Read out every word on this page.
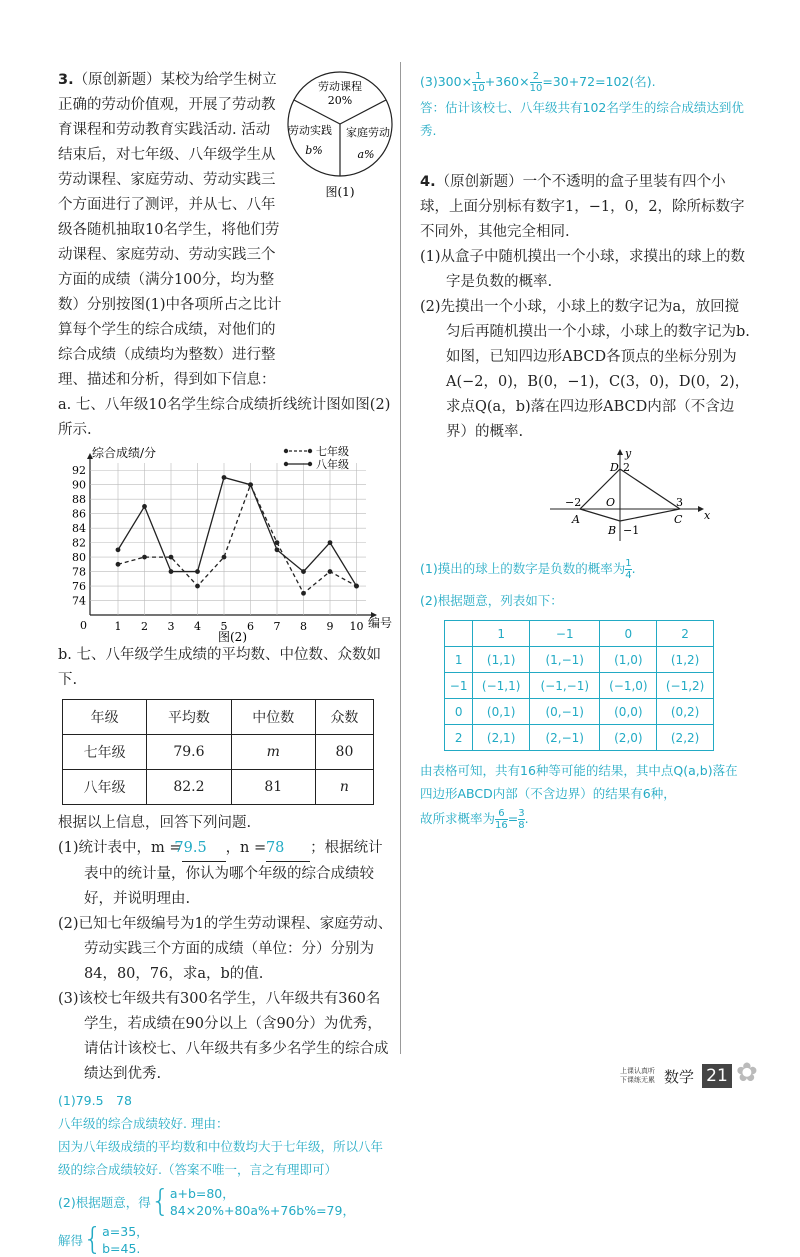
3.（原创新题）某校为给学生树立正确的劳动价值观，开展了劳动教育课程和劳动教育实践活动. 活动结束后，对七年级、八年级学生从劳动课程、家庭劳动、劳动实践三个方面进行了测评，并从七、八年级各随机抽取10名学生，将他们劳动课程、家庭劳动、劳动实践三个方面的成绩（满分100分，均为整数）分别按图(1)中各项所占之比计算每个学生的综合成绩，对他们的综合成绩（成绩均为整数）进行整理、描述和分析，得到如下信息：

劳动课程
20%
劳动实践
b%
家庭劳动
a%
图(1)

a. 七、八年级10名学生综合成绩折线统计图如图(2)所示.

综合成绩/分
0
74
76
78
80
82
84
86
88
90
92
1 2 3 4 5 6 7 8 9 10
七年级
八年级
编号
图(2)

b. 七、八年级学生成绩的平均数、中位数、众数如下.

年级	平均数	中位数	众数
七年级	79.6	m	80
八年级	82.2	81	n

根据以上信息，回答下列问题.

(1)统计表中，m =79.5 ，n =78 ；根据统计表中的统计量，你认为哪个年级的综合成绩较好，并说明理由.

(2)已知七年级编号为1的学生劳动课程、家庭劳动、劳动实践三个方面的成绩（单位：分）分别为84，80，76，求a，b的值.

(3)该校七年级共有300名学生，八年级共有360名学生，若成绩在90分以上（含90分）为优秀，请估计该校七、八年级共有多少名学生的综合成绩达到优秀.

(1)79.5　78
八年级的综合成绩较好. 理由：
因为八年级成绩的平均数和中位数均大于七年级，所以八年级的综合成绩较好.（答案不唯一，言之有理即可）
(2)根据题意，得 { a+b=80，
84×20%+80a%+76b%=79，
解得 { a=35，
b=45.
$(3)300\times \frac{1}{10} +360\times \frac{2}{10} =30+72=102$(名).
答：估计该校七、八年级共有102名学生的综合成绩达到优秀.

4.（原创新题）一个不透明的盒子里装有四个小球，上面分别标有数字1，−1，0，2，除所标数字不同外，其他完全相同.

(1)从盒子中随机摸出一个小球，求摸出的球上的数字是负数的概率.

(2)先摸出一个小球，小球上的数字记为a，放回搅匀后再随机摸出一个小球，小球上的数字记为b. 如图，已知四边形ABCD各顶点的坐标分别为A(−2，0)，B(0，−1)，C(3，0)，D(0，2)，求点Q(a，b)落在四边形ABCD内部（不含边界）的概率.

D 2
y
−2 O	3
x
A	C
B −1
(1)摸出的球上的数字是负数的概率为 $\frac{1}{4}$ .
(2)根据题意，列表如下：
	1	−1	0	2
1	(1,1)	(1,−1)	(1,0)	(1,2)
−1	(−1,1)	(−1,−1)	(−1,0)	(−1,2)
0	(0,1)	(0,−1)	(0,0)	(0,2)
2	(2,1)	(2,−1)	(2,0)	(2,2)
由表格可知，共有16种等可能的结果，其中点Q(a,b)落在四边形ABCD内部（不含边界）的结果有6种，
故所求概率为 $\frac{6}{16} = \frac{3}{8}$ .
上课认真听
下课练无累 数学 21 ✿
